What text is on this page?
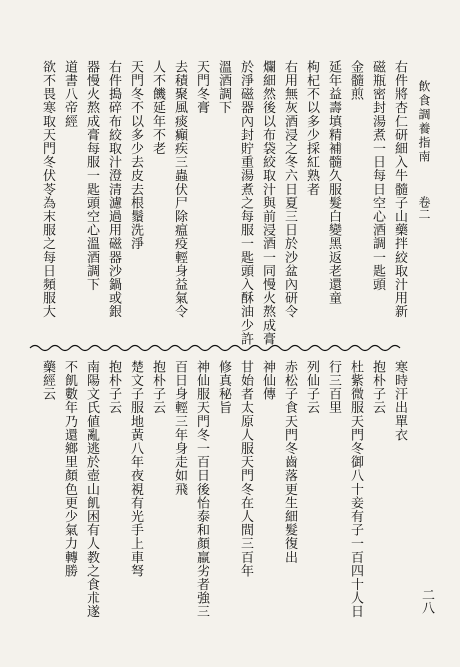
飲食調養指南
卷二
二八
右件將杏仁研細入牛髓子山藥拌絞取汁用新
磁瓶密封湯煮一日每日空心酒調一匙頭
金髓煎
延年益壽填精補髓久服髮白變黑返老還童
枸杞不以多少採紅熟者
右用無灰酒浸之冬六日夏三日於沙盆內研令
爛細然後以布袋絞取汁與前浸酒一同慢火熬成膏
於淨磁器內封貯重湯煮之每服一匙頭入酥油少許
溫酒調下
天門冬膏
去積聚風痰癲疾三蟲伏尸除瘟疫輕身益氣令
人不饑延年不老
天門冬不以多少去皮去根鬚洗淨
右件搗碎布絞取汁澄清濾過用磁器沙鍋或銀
器慢火熬成膏每服一匙頭空心溫酒調下
道書八帝經
欲不畏寒取天門冬伏苓為末服之每日頻服大
寒時汗出單衣
抱朴子云
杜紫微服天門冬御八十妾有子一百四十人日
行三百里
列仙子云
赤松子食天門冬齒落更生細髮復出
神仙傳
甘始者太原人服天門冬在人間三百年
修真秘旨
神仙服天門冬一百日後怡泰和顏羸劣者強三
百日身輕三年身走如飛
抱朴子云
楚文子服地黃八年夜視有光手上車弩
抱朴子云
南陽文氏値亂逃於壺山飢困有人教之食朮遂
不飢數年乃還鄉里顏色更少氣力轉勝
藥經云
